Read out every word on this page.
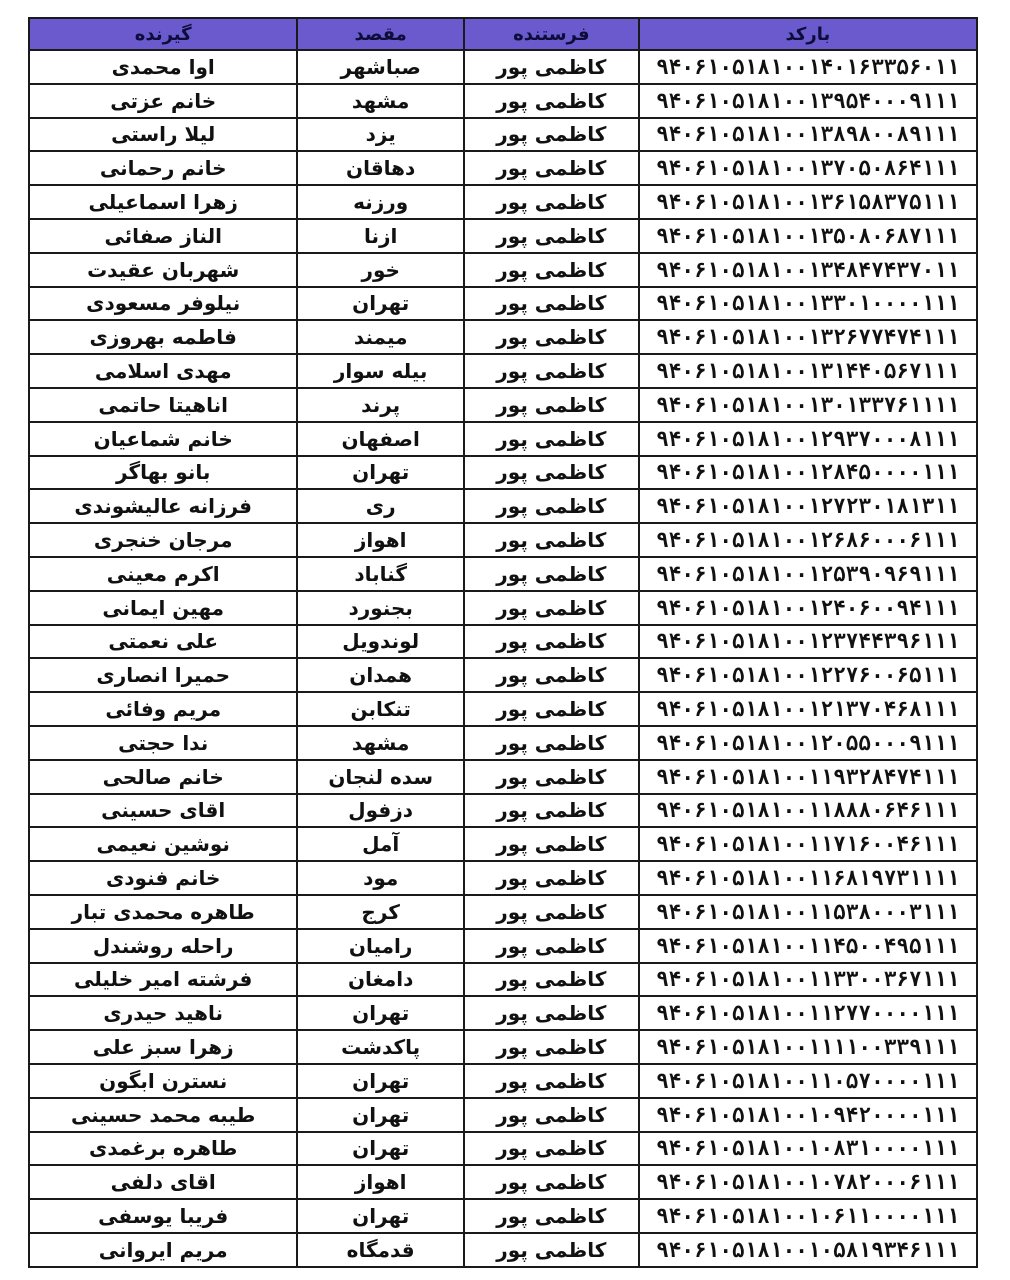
بارکد	فرستنده	مقصد	گیرنده
۹۴۰۶۱۰۵۱۸۱۰۰۱۴۰۱۶۳۳۵۶۰۱۱	کاظمی پور	صباشهر	اوا محمدی
۹۴۰۶۱۰۵۱۸۱۰۰۱۳۹۵۴۰۰۰۹۱۱۱	کاظمی پور	مشهد	خانم عزتی
۹۴۰۶۱۰۵۱۸۱۰۰۱۳۸۹۸۰۰۸۹۱۱۱	کاظمی پور	یزد	لیلا راستی
۹۴۰۶۱۰۵۱۸۱۰۰۱۳۷۰۵۰۸۶۴۱۱۱	کاظمی پور	دهاقان	خانم رحمانی
۹۴۰۶۱۰۵۱۸۱۰۰۱۳۶۱۵۸۳۷۵۱۱۱	کاظمی پور	ورزنه	زهرا اسماعیلی
۹۴۰۶۱۰۵۱۸۱۰۰۱۳۵۰۸۰۶۸۷۱۱۱	کاظمی پور	ازنا	الناز صفائی
۹۴۰۶۱۰۵۱۸۱۰۰۱۳۴۸۴۷۴۳۷۰۱۱	کاظمی پور	خور	شهربان عقیدت
۹۴۰۶۱۰۵۱۸۱۰۰۱۳۳۰۱۰۰۰۰۱۱۱	کاظمی پور	تهران	نیلوفر مسعودی
۹۴۰۶۱۰۵۱۸۱۰۰۱۳۲۶۷۷۴۷۴۱۱۱	کاظمی پور	میمند	فاطمه بهروزی
۹۴۰۶۱۰۵۱۸۱۰۰۱۳۱۴۴۰۵۶۷۱۱۱	کاظمی پور	بیله سوار	مهدی اسلامی
۹۴۰۶۱۰۵۱۸۱۰۰۱۳۰۱۳۳۷۶۱۱۱۱	کاظمی پور	پرند	اناهیتا حاتمی
۹۴۰۶۱۰۵۱۸۱۰۰۱۲۹۳۷۰۰۰۸۱۱۱	کاظمی پور	اصفهان	خانم شماعیان
۹۴۰۶۱۰۵۱۸۱۰۰۱۲۸۴۵۰۰۰۰۱۱۱	کاظمی پور	تهران	بانو بهاگر
۹۴۰۶۱۰۵۱۸۱۰۰۱۲۷۲۳۰۱۸۱۳۱۱	کاظمی پور	ری	فرزانه عالیشوندی
۹۴۰۶۱۰۵۱۸۱۰۰۱۲۶۸۶۰۰۰۶۱۱۱	کاظمی پور	اهواز	مرجان خنجری
۹۴۰۶۱۰۵۱۸۱۰۰۱۲۵۳۹۰۹۶۹۱۱۱	کاظمی پور	گناباد	اکرم معینی
۹۴۰۶۱۰۵۱۸۱۰۰۱۲۴۰۶۰۰۹۴۱۱۱	کاظمی پور	بجنورد	مهین ایمانی
۹۴۰۶۱۰۵۱۸۱۰۰۱۲۳۷۴۴۳۹۶۱۱۱	کاظمی پور	لوندویل	علی نعمتی
۹۴۰۶۱۰۵۱۸۱۰۰۱۲۲۷۶۰۰۶۵۱۱۱	کاظمی پور	همدان	حمیرا انصاری
۹۴۰۶۱۰۵۱۸۱۰۰۱۲۱۳۷۰۴۶۸۱۱۱	کاظمی پور	تنکابن	مریم وفائی
۹۴۰۶۱۰۵۱۸۱۰۰۱۲۰۵۵۰۰۰۹۱۱۱	کاظمی پور	مشهد	ندا حجتی
۹۴۰۶۱۰۵۱۸۱۰۰۱۱۹۳۲۸۴۷۴۱۱۱	کاظمی پور	سده لنجان	خانم صالحی
۹۴۰۶۱۰۵۱۸۱۰۰۱۱۸۸۸۰۶۴۶۱۱۱	کاظمی پور	دزفول	اقای حسینی
۹۴۰۶۱۰۵۱۸۱۰۰۱۱۷۱۶۰۰۴۶۱۱۱	کاظمی پور	آمل	نوشین نعیمی
۹۴۰۶۱۰۵۱۸۱۰۰۱۱۶۸۱۹۷۳۱۱۱۱	کاظمی پور	مود	خانم فنودی
۹۴۰۶۱۰۵۱۸۱۰۰۱۱۵۳۸۰۰۰۳۱۱۱	کاظمی پور	کرج	طاهره محمدی تبار
۹۴۰۶۱۰۵۱۸۱۰۰۱۱۴۵۰۰۴۹۵۱۱۱	کاظمی پور	رامیان	راحله روشندل
۹۴۰۶۱۰۵۱۸۱۰۰۱۱۳۳۰۰۳۶۷۱۱۱	کاظمی پور	دامغان	فرشته امیر خلیلی
۹۴۰۶۱۰۵۱۸۱۰۰۱۱۲۷۷۰۰۰۰۱۱۱	کاظمی پور	تهران	ناهید حیدری
۹۴۰۶۱۰۵۱۸۱۰۰۱۱۱۱۰۰۳۳۹۱۱۱	کاظمی پور	پاکدشت	زهرا سبز علی
۹۴۰۶۱۰۵۱۸۱۰۰۱۱۰۵۷۰۰۰۰۱۱۱	کاظمی پور	تهران	نسترن ابگون
۹۴۰۶۱۰۵۱۸۱۰۰۱۰۹۴۲۰۰۰۰۱۱۱	کاظمی پور	تهران	طیبه محمد حسینی
۹۴۰۶۱۰۵۱۸۱۰۰۱۰۸۳۱۰۰۰۰۱۱۱	کاظمی پور	تهران	طاهره برغمدی
۹۴۰۶۱۰۵۱۸۱۰۰۱۰۷۸۲۰۰۰۶۱۱۱	کاظمی پور	اهواز	اقای دلفی
۹۴۰۶۱۰۵۱۸۱۰۰۱۰۶۱۱۰۰۰۰۱۱۱	کاظمی پور	تهران	فریبا یوسفی
۹۴۰۶۱۰۵۱۸۱۰۰۱۰۵۸۱۹۳۴۶۱۱۱	کاظمی پور	قدمگاه	مریم ایروانی
